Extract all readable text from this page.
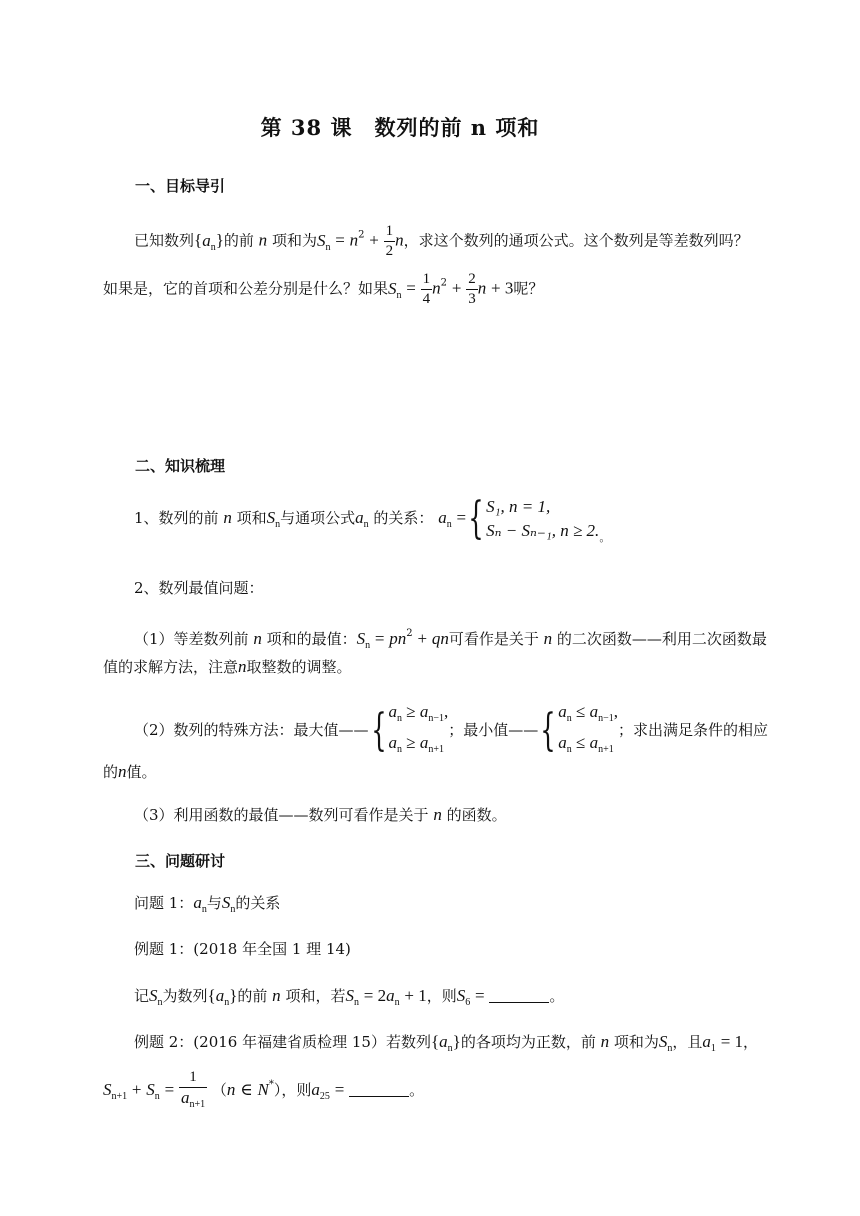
第 38 课　数列的前 n 项和
一、目标导引
已知数列$\{a_n\}$的前 n 项和为$S_n = n^2 + \frac{1}{2}$ n，求这个数列的通项公式。这个数列是等差数列吗？
如果是，它的首项和公差分别是什么？如果$S_n = \frac{1}{4} n^2 + \frac{2}{3}$ n + 3呢？
二、知识梳理
1、数列的前 n 项和$S_n$与通项公式$a_n$ 的关系： $a_n$ ={ S₁, n = 1,
Sₙ − Sₙ₋₁, n ≥ 2. $_。$
2、数列最值问题：
（1）等差数列前 n 项和的最值：$S_n = pn^2$ + qn可看作是关于 n 的二次函数——利用二次函数最
值的求解方法，注意n取整数的调整。
（2）数列的特殊方法：最大值——{ $a_n \ge a_{n-1}$,
$a_n \ge a_{n+1}$
；最小值——{ $a_n \le a_{n-1}$,
$a_n \le a_{n+1}$
；求出满足条件的相应
的n值。
（3）利用函数的最值——数列可看作是关于 n 的函数。
三、问题研讨
问题 1：$a_n$与$S_n$的关系
例题 1：(2018 年全国 1 理 14)
记$S_n$为数列$\{a_n\}$的前 n 项和，若$S_n = 2a_n + 1$，则$S_6$ =	。
例题 2：(2016 年福建省质检理 15）若数列$\{a_n\}$的各项均为正数，前 n 项和为$S_n$，且$a_1 = 1$，
$S_{n+1} + S_n = \frac{1}{a_{n+1}} (n$ ∈ N*），则$a_{25}$ =	。
